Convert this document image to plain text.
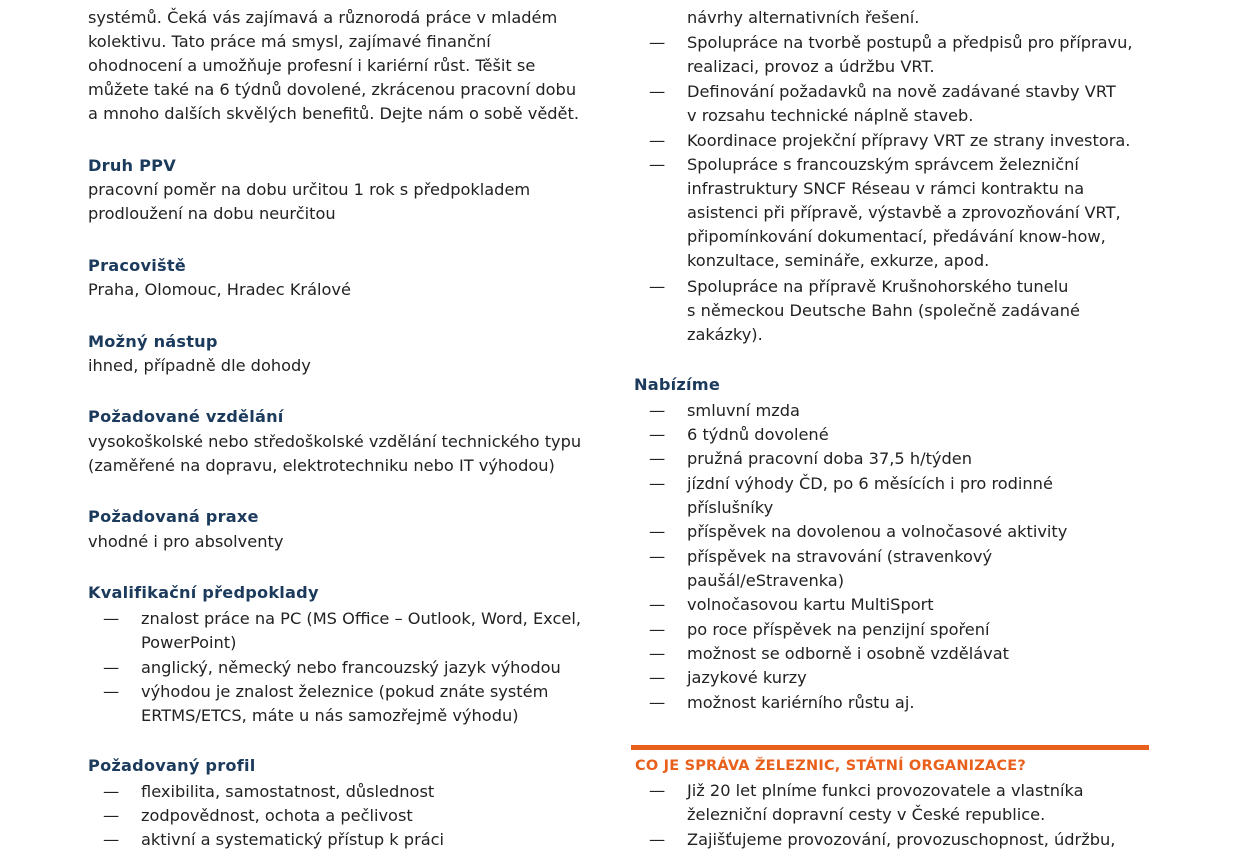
systémů. Čeká vás zajímavá a různorodá práce v mladém
kolektivu. Tato práce má smysl, zajímavé finanční
ohodnocení a umožňuje profesní i kariérní růst. Těšit se
můžete také na 6 týdnů dovolené, zkrácenou pracovní dobu
a mnoho dalších skvělých benefitů. Dejte nám o sobě vědět.
Druh PPV
pracovní poměr na dobu určitou 1 rok s předpokladem
prodloužení na dobu neurčitou
Pracoviště
Praha, Olomouc, Hradec Králové
Možný nástup
ihned, případně dle dohody
Požadované vzdělání
vysokoškolské nebo středoškolské vzdělání technického typu
(zaměřené na dopravu, elektrotechniku nebo IT výhodou)
Požadovaná praxe
vhodné i pro absolventy
Kvalifikační předpoklady
— znalost práce na PC (MS Office – Outlook, Word, Excel,
PowerPoint)
— anglický, německý nebo francouzský jazyk výhodou
— výhodou je znalost železnice (pokud znáte systém
ERTMS/ETCS, máte u nás samozřejmě výhodu)
Požadovaný profil
— flexibilita, samostatnost, důslednost
— zodpovědnost, ochota a pečlivost
— aktivní a systematický přístup k práci
návrhy alternativních řešení.
— Spolupráce na tvorbě postupů a předpisů pro přípravu,
realizaci, provoz a údržbu VRT.
— Definování požadavků na nově zadávané stavby VRT
v rozsahu technické náplně staveb.
— Koordinace projekční přípravy VRT ze strany investora.
— Spolupráce s francouzským správcem železniční
infrastruktury SNCF Réseau v rámci kontraktu na
asistenci při přípravě, výstavbě a zprovozňování VRT,
připomínkování dokumentací, předávání know-how,
konzultace, semináře, exkurze, apod.
— Spolupráce na přípravě Krušnohorského tunelu
s německou Deutsche Bahn (společně zadávané
zakázky).
Nabízíme
— smluvní mzda
— 6 týdnů dovolené
— pružná pracovní doba 37,5 h/týden
— jízdní výhody ČD, po 6 měsících i pro rodinné
příslušníky
— příspěvek na dovolenou a volnočasové aktivity
— příspěvek na stravování (stravenkový
paušál/eStravenka)
— volnočasovou kartu MultiSport
— po roce příspěvek na penzijní spoření
— možnost se odborně i osobně vzdělávat
— jazykové kurzy
— možnost kariérního růstu aj.
— Již 20 let plníme funkci provozovatele a vlastníka
železniční dopravní cesty v České republice.
— Zajišťujeme provozování, provozuschopnost, údržbu,
CO JE SPRÁVA ŽELEZNIC, STÁTNÍ ORGANIZACE?
